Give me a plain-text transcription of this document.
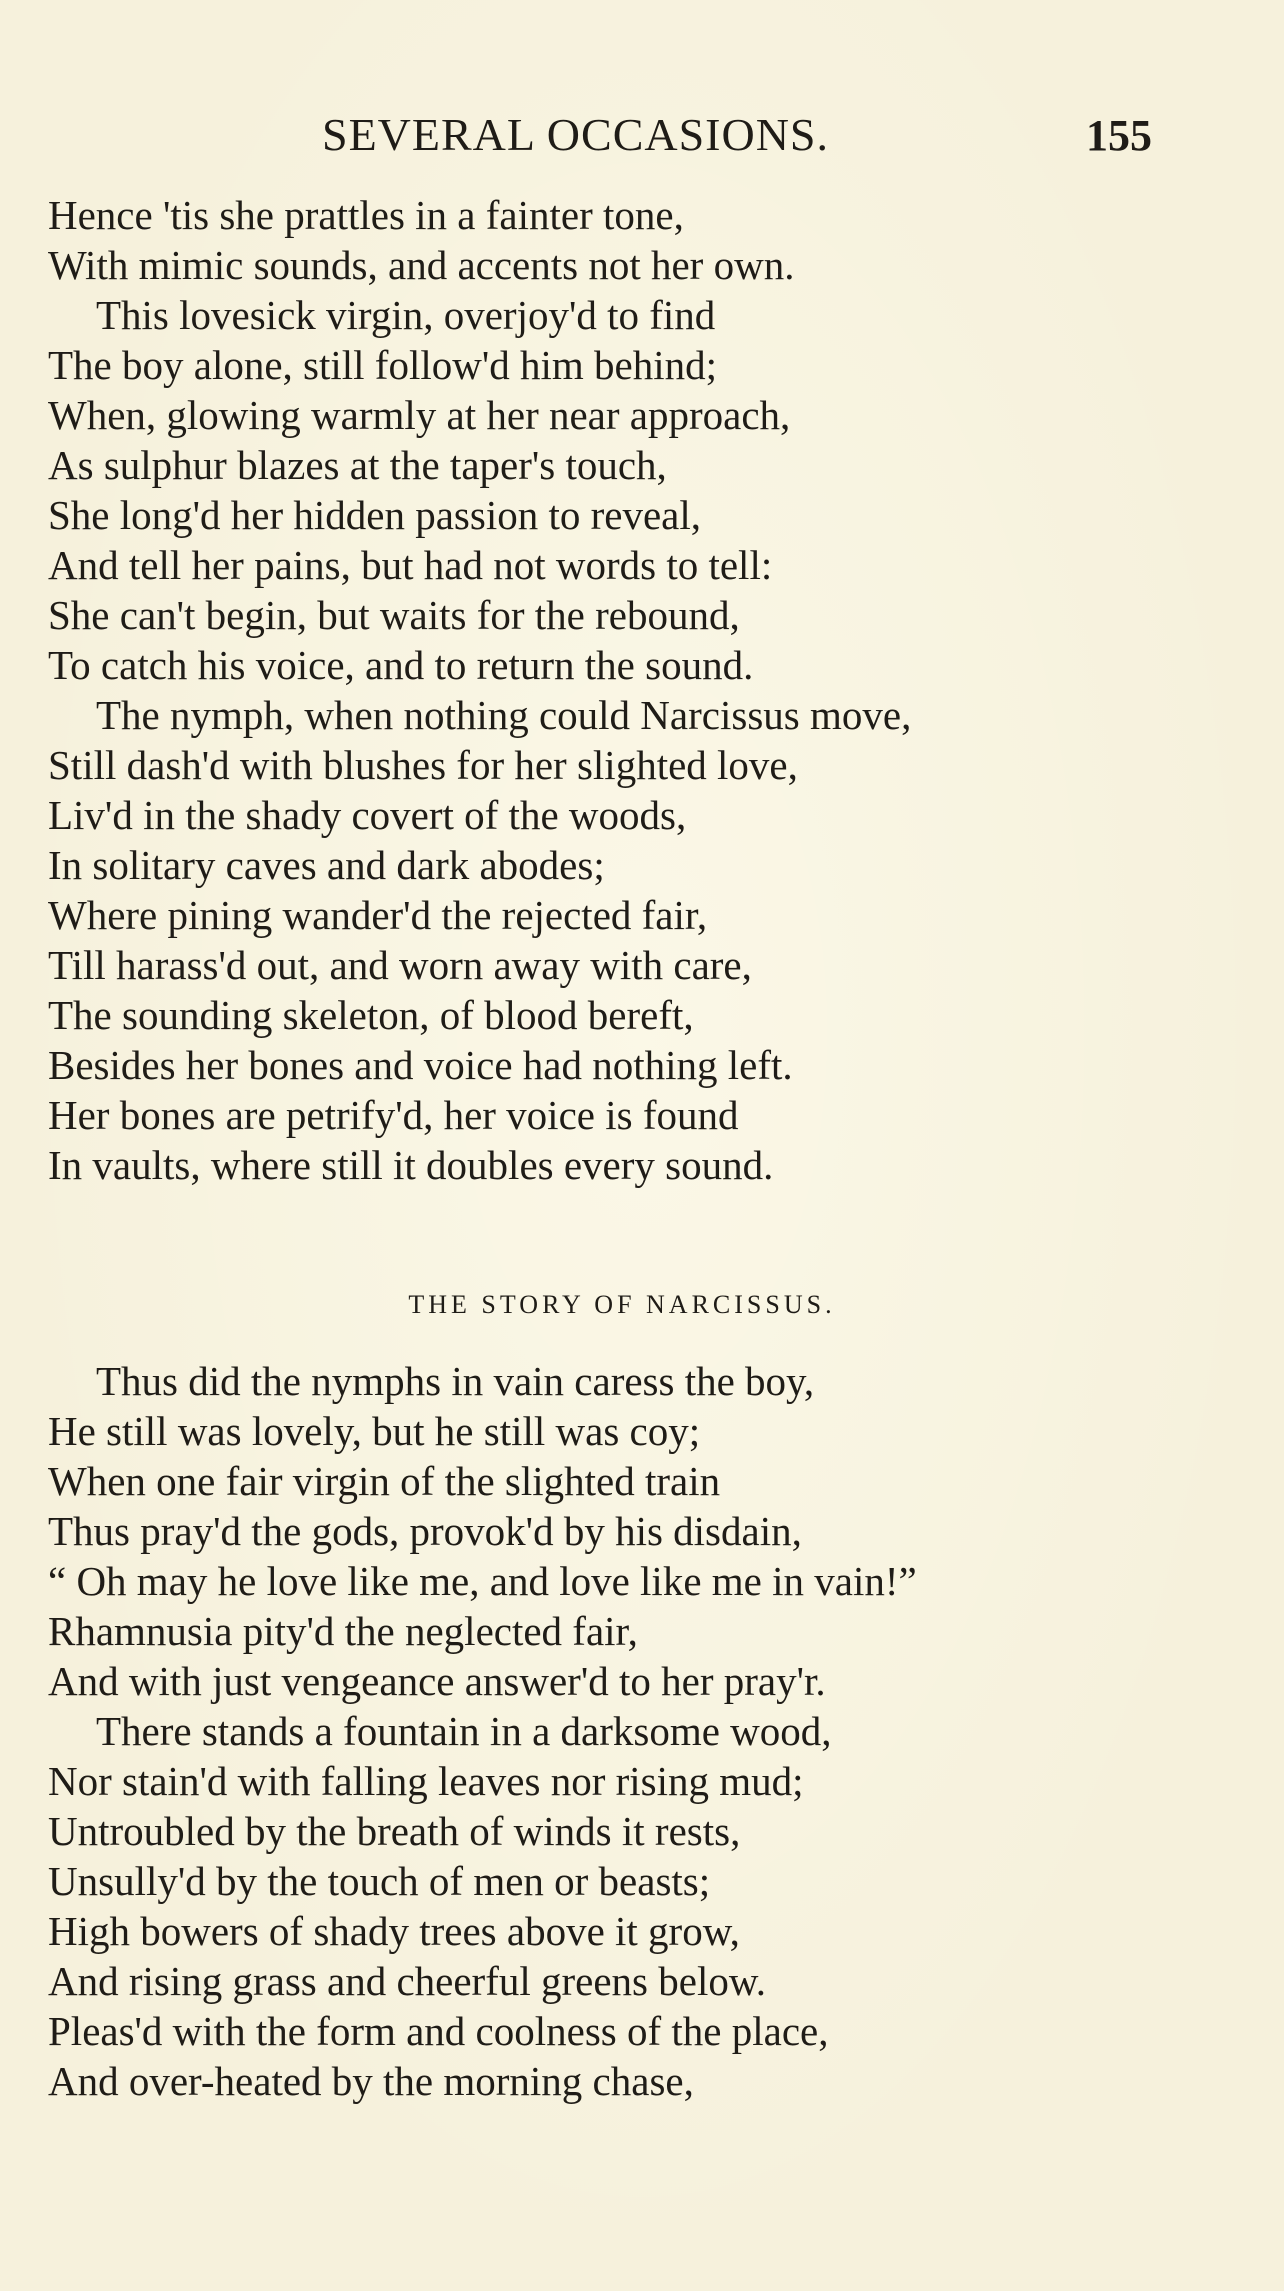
SEVERAL OCCASIONS.	155
Hence 'tis she prattles in a fainter tone,
With mimic sounds, and accents not her own.
This lovesick virgin, overjoy'd to find
The boy alone, still follow'd him behind;
When, glowing warmly at her near approach,
As sulphur blazes at the taper's touch,
She long'd her hidden passion to reveal,
And tell her pains, but had not words to tell:
She can't begin, but waits for the rebound,
To catch his voice, and to return the sound.
The nymph, when nothing could Narcissus move,
Still dash'd with blushes for her slighted love,
Liv'd in the shady covert of the woods,
In solitary caves and dark abodes;
Where pining wander'd the rejected fair,
Till harass'd out, and worn away with care,
The sounding skeleton, of blood bereft,
Besides her bones and voice had nothing left.
Her bones are petrify'd, her voice is found
In vaults, where still it doubles every sound.
THE STORY OF NARCISSUS.
Thus did the nymphs in vain caress the boy,
He still was lovely, but he still was coy;
When one fair virgin of the slighted train
Thus pray'd the gods, provok'd by his disdain,
“ Oh may he love like me, and love like me in vain!”
Rhamnusia pity'd the neglected fair,
And with just vengeance answer'd to her pray'r.
There stands a fountain in a darksome wood,
Nor stain'd with falling leaves nor rising mud;
Untroubled by the breath of winds it rests,
Unsully'd by the touch of men or beasts;
High bowers of shady trees above it grow,
And rising grass and cheerful greens below.
Pleas'd with the form and coolness of the place,
And over-heated by the morning chase,
